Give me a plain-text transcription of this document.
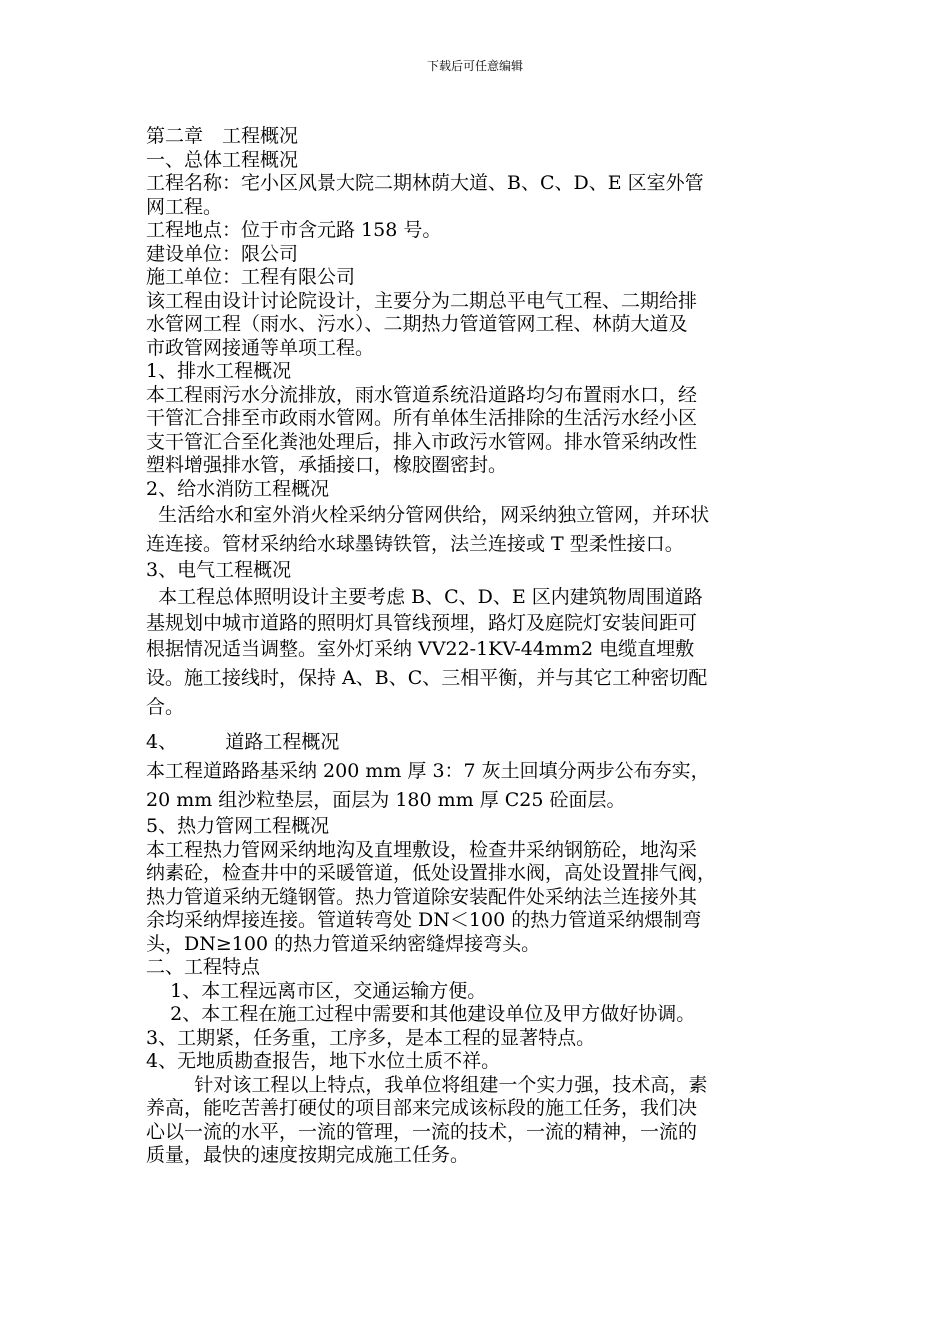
下载后可任意编辑

第二章　工程概况

一、总体工程概况

工程名称：宅小区风景大院二期林荫大道、B、C、D、E 区室外管

网工程。

工程地点：位于市含元路 158 号。

建设单位：限公司

施工单位：工程有限公司

该工程由设计讨论院设计，主要分为二期总平电气工程、二期给排

水管网工程（雨水、污水）、二期热力管道管网工程、林荫大道及

市政管网接通等单项工程。

1、排水工程概况

本工程雨污水分流排放，雨水管道系统沿道路均匀布置雨水口，经

干管汇合排至市政雨水管网。所有单体生活排除的生活污水经小区

支干管汇合至化粪池处理后，排入市政污水管网。排水管采纳改性

塑料增强排水管，承插接口，橡胶圈密封。

2、给水消防工程概况

生活给水和室外消火栓采纳分管网供给，网采纳独立管网，并环状

连连接。管材采纳给水球墨铸铁管，法兰连接或 T 型柔性接口。

3、电气工程概况

本工程总体照明设计主要考虑 B、C、D、E 区内建筑物周围道路

基规划中城市道路的照明灯具管线预埋，路灯及庭院灯安装间距可

根据情况适当调整。室外灯采纳 VV22-1KV-44mm2 电缆直埋敷

设。施工接线时，保持 A、B、C、三相平衡，并与其它工种密切配

合。

4、        道路工程概况

本工程道路路基采纳 200 mm 厚 3：7 灰土回填分两步公布夯实，

20 mm 组沙粒垫层，面层为 180 mm 厚 C25 砼面层。

5、热力管网工程概况

本工程热力管网采纳地沟及直埋敷设，检查井采纳钢筋砼，地沟采

纳素砼，检查井中的采暖管道，低处设置排水阀，高处设置排气阀，

热力管道采纳无缝钢管。热力管道除安装配件处采纳法兰连接外其

余均采纳焊接连接。管道转弯处 DN＜100 的热力管道采纳煨制弯

头，DN≥100 的热力管道采纳密缝焊接弯头。

二、工程特点

1、本工程远离市区，交通运输方便。

2、本工程在施工过程中需要和其他建设单位及甲方做好协调。

3、工期紧，任务重，工序多，是本工程的显著特点。

4、无地质勘查报告，地下水位土质不祥。

针对该工程以上特点，我单位将组建一个实力强，技术高，素

养高，能吃苦善打硬仗的项目部来完成该标段的施工任务，我们决

心以一流的水平，一流的管理，一流的技术，一流的精神，一流的

质量，最快的速度按期完成施工任务。
